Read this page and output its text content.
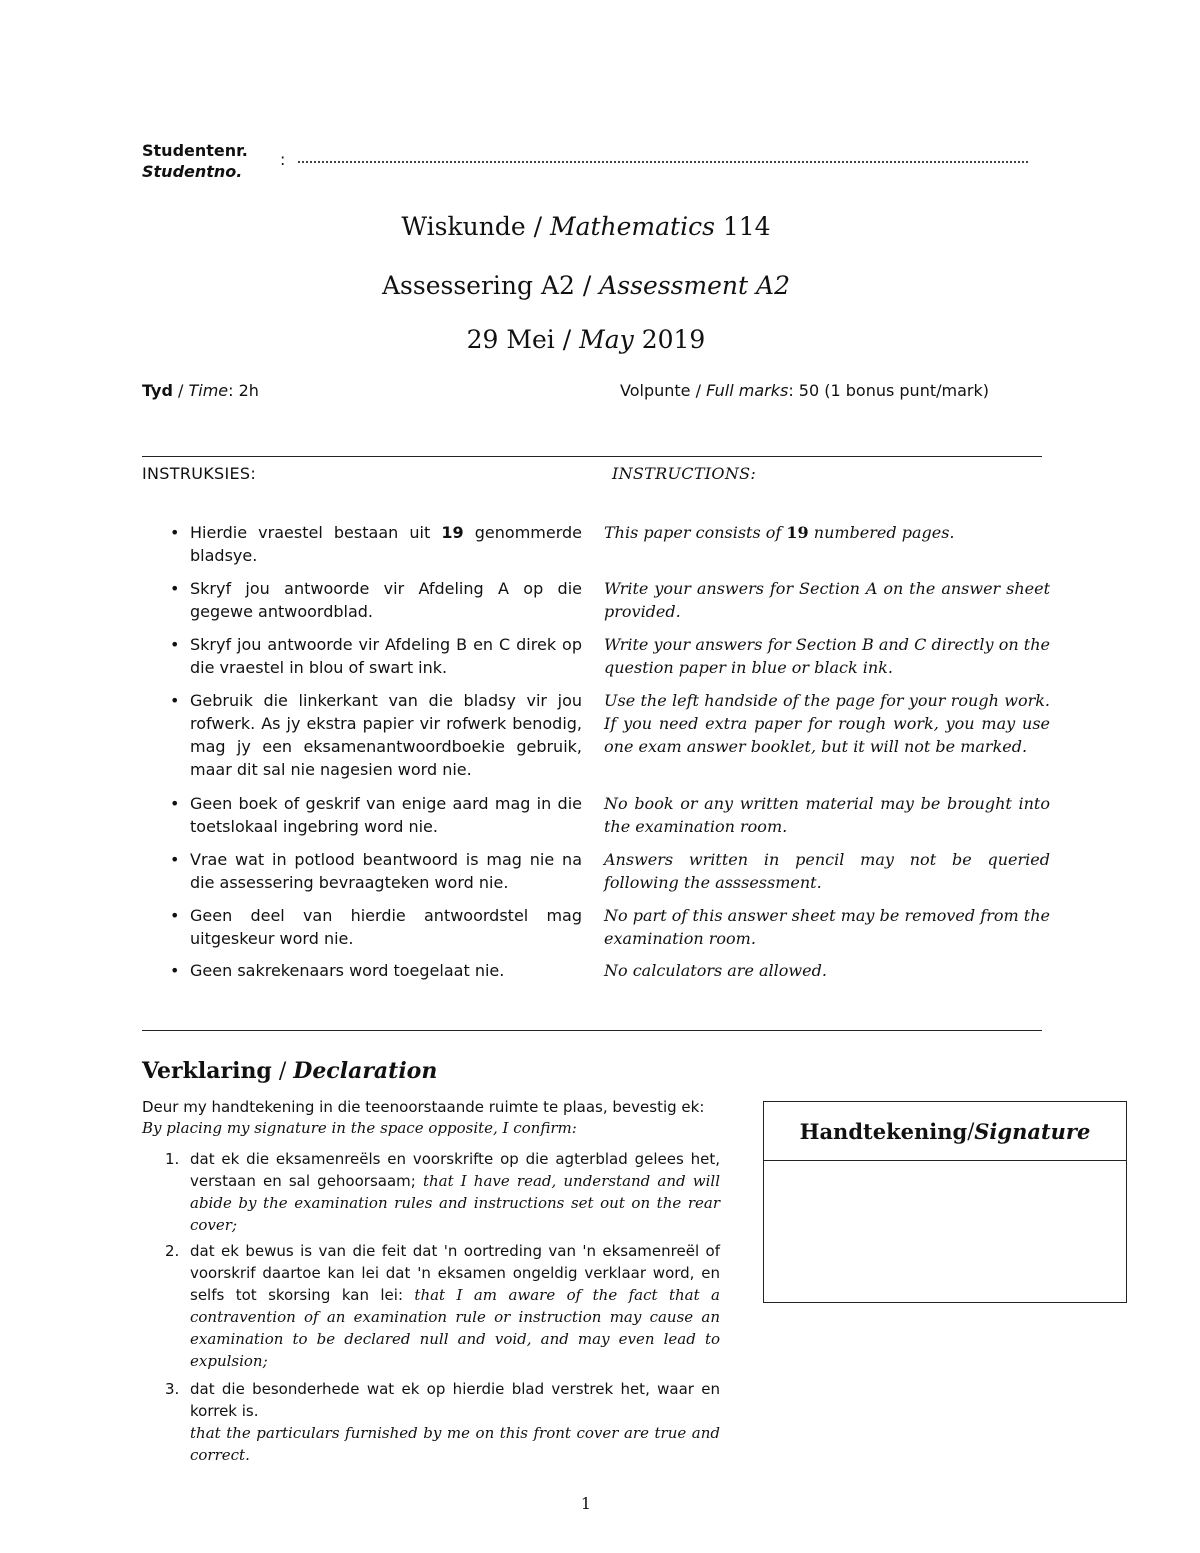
Studentenr.
Studentno.
:
Wiskunde / Mathematics 114
Assessering A2 / Assessment A2
29 Mei / May 2019
Tyd / Time: 2h	Volpunte / Full marks: 50 (1 bonus punt/mark)
INSTRUKSIES:	INSTRUCTIONS:
• Hierdie vraestel bestaan uit 19 genommerde bladsye.
This paper consists of 19 numbered pages.
• Skryf jou antwoorde vir Afdeling A op die gegewe antwoordblad.
Write your answers for Section A on the answer sheet provided.
• Skryf jou antwoorde vir Afdeling B en C direk op die vraestel in blou of swart ink.
Write your answers for Section B and C directly on the question paper in blue or black ink.
• Gebruik die linkerkant van die bladsy vir jou rofwerk. As jy ekstra papier vir rofwerk benodig, mag jy een eksamenantwoordboekie gebruik, maar dit sal nie nagesien word nie.
Use the left handside of the page for your rough work. If you need extra paper for rough work, you may use one exam answer booklet, but it will not be marked.
• Geen boek of geskrif van enige aard mag in die toetslokaal ingebring word nie.
No book or any written material may be brought into the examination room.
• Vrae wat in potlood beantwoord is mag nie na die assessering bevraagteken word nie.
Answers written in pencil may not be queried following the asssessment.
• Geen deel van hierdie antwoordstel mag uitgeskeur word nie.
No part of this answer sheet may be removed from the examination room.
• Geen sakrekenaars word toegelaat nie.	No calculators are allowed.
Verklaring / Declaration
Deur my handtekening in die teenoorstaande ruimte te plaas, bevestig ek:
By placing my signature in the space opposite, I confirm:
1. dat ek die eksamenreëls en voorskrifte op die agterblad gelees het, verstaan en sal gehoorsaam; that I have read, understand and will abide by the examination rules and instructions set out on the rear cover;
2. dat ek bewus is van die feit dat 'n oortreding van 'n eksamenreël of voorskrif daartoe kan lei dat 'n eksamen ongeldig verklaar word, en selfs tot skorsing kan lei: that I am aware of the fact that a contravention of an examination rule or instruction may cause an examination to be declared null and void, and may even lead to expulsion;
3. dat die besonderhede wat ek op hierdie blad verstrek het, waar en korrek is.
that the particulars furnished by me on this front cover are true and correct.
Handtekening / Signature
1
